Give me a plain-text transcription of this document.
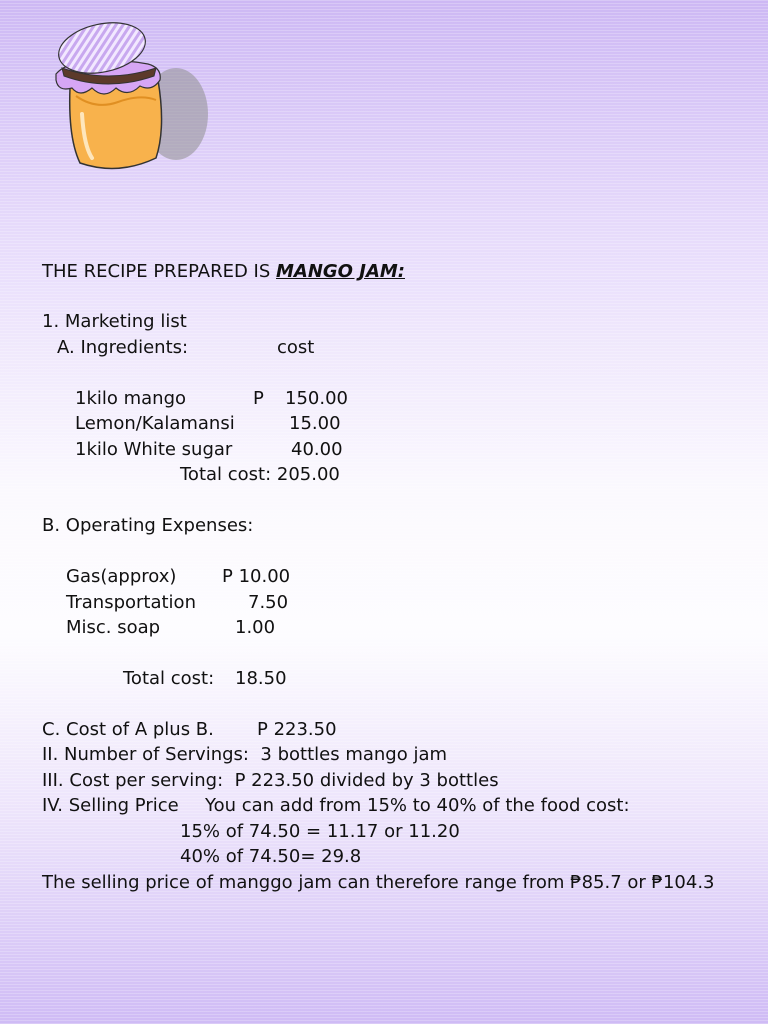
THE RECIPE PREPARED IS MANGO JAM:
1. Marketing list
A. Ingredients:	cost
1kilo mango	P 150.00
Lemon/Kalamansi	15.00
1kilo White sugar	40.00
Total cost: 205.00
B. Operating Expenses:
Gas(approx)	P 10.00
Transportation	7.50
Misc. soap	1.00
Total cost: 18.50
C. Cost of A plus B. P 223.50
II. Number of Servings:  3 bottles mango jam
III. Cost per serving:  P 223.50 divided by 3 bottles
IV. Selling Price You can add from 15% to 40% of the food cost:
15% of 74.50 = 11.17 or 11.20
40% of 74.50= 29.8
The selling price of manggo jam can therefore range from ₱85.7 or ₱104.3
